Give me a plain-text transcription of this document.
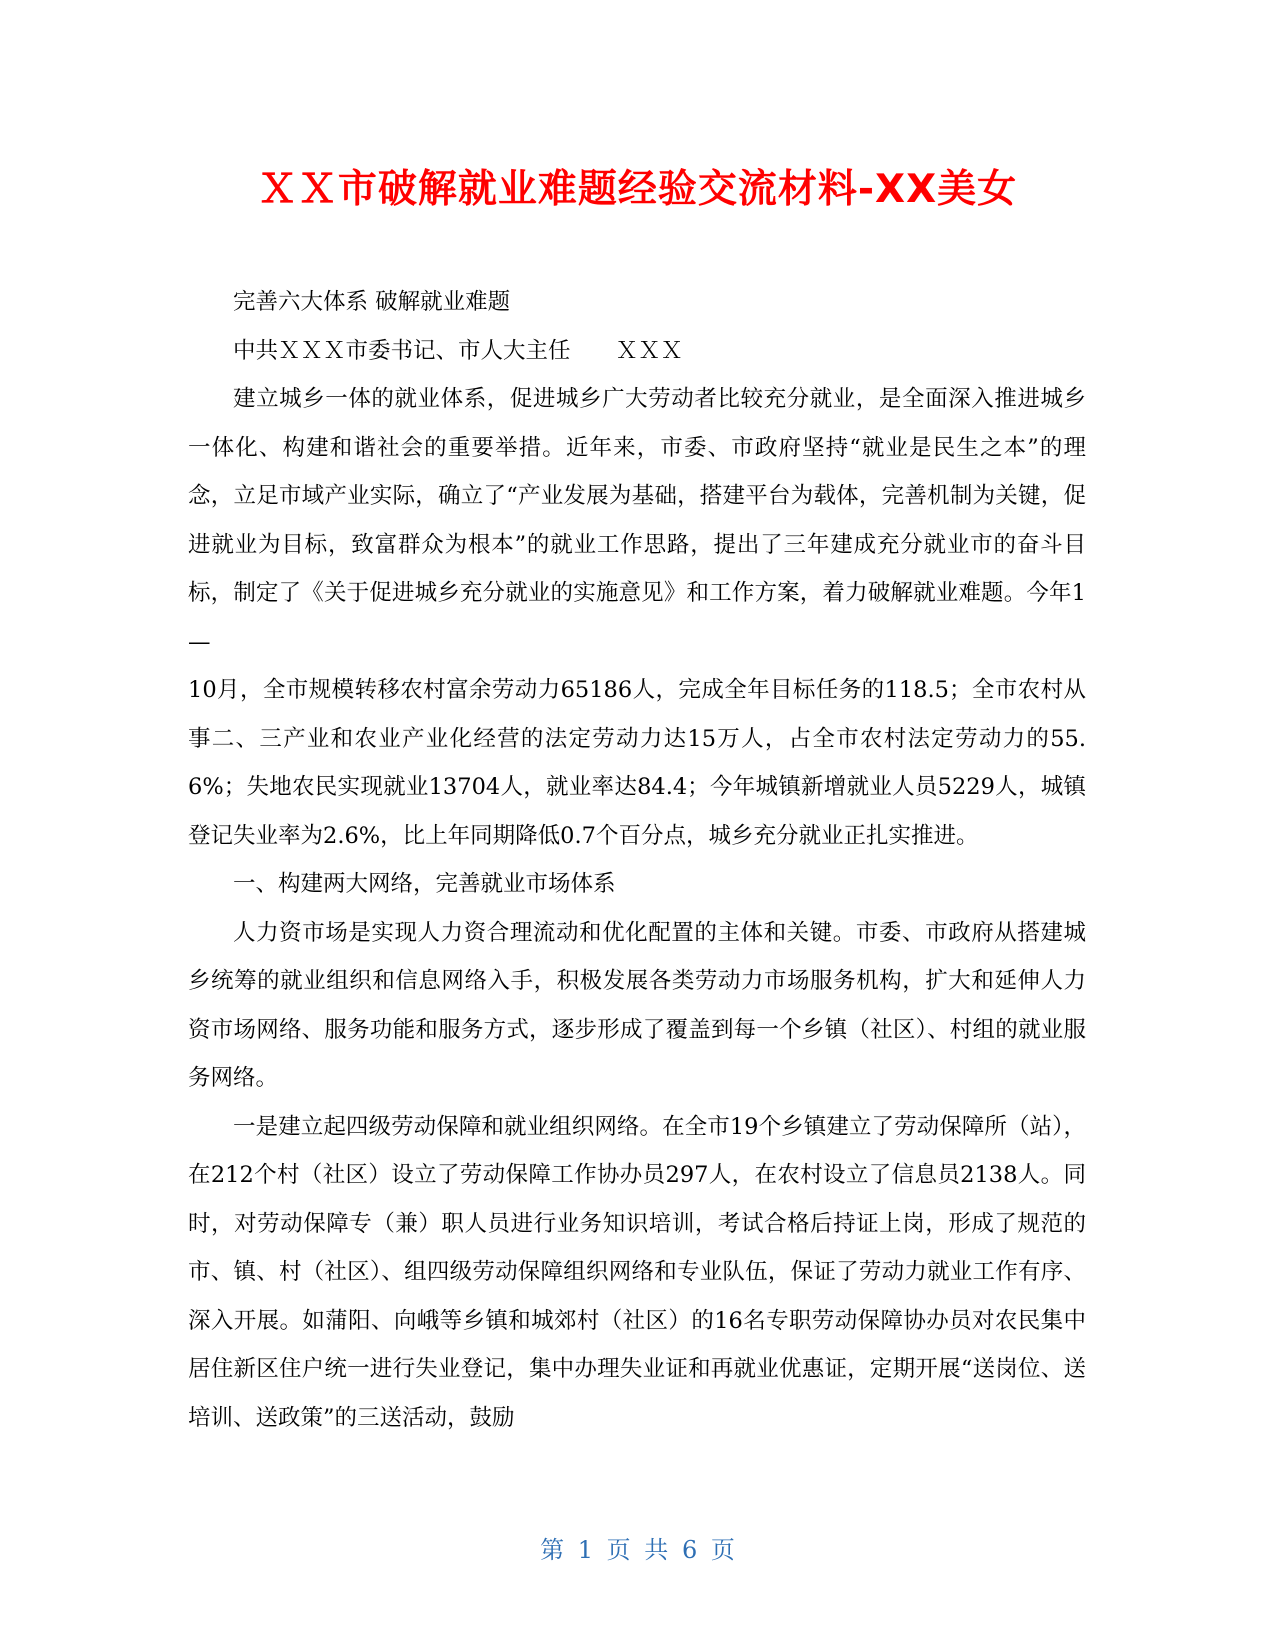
ＸＸ市破解就业难题经验交流材料-XX美女

完善六大体系 破解就业难题

中共ＸＸＸ市委书记、市人大主任　　ＸＸＸ

建立城乡一体的就业体系，促进城乡广大劳动者比较充分就业，是全面深入推进城乡一体化、构建和谐社会的重要举措。近年来，市委、市政府坚持“就业是民生之本”的理念，立足市域产业实际，确立了“产业发展为基础，搭建平台为载体，完善机制为关键，促进就业为目标，致富群众为根本”的就业工作思路，提出了三年建成充分就业市的奋斗目标，制定了《关于促进城乡充分就业的实施意见》和工作方案，着力破解就业难题。今年1—

10月，全市规模转移农村富余劳动力65186人，完成全年目标任务的118.5；全市农村从事二、三产业和农业产业化经营的法定劳动力达15万人，占全市农村法定劳动力的55.6%；失地农民实现就业13704人，就业率达84.4；今年城镇新增就业人员5229人，城镇登记失业率为2.6%，比上年同期降低0.7个百分点，城乡充分就业正扎实推进。

一、构建两大网络，完善就业市场体系

人力资市场是实现人力资合理流动和优化配置的主体和关键。市委、市政府从搭建城乡统筹的就业组织和信息网络入手，积极发展各类劳动力市场服务机构，扩大和延伸人力资市场网络、服务功能和服务方式，逐步形成了覆盖到每一个乡镇（社区）、村组的就业服务网络。

一是建立起四级劳动保障和就业组织网络。在全市19个乡镇建立了劳动保障所（站），在212个村（社区）设立了劳动保障工作协办员297人，在农村设立了信息员2138人。同时，对劳动保障专（兼）职人员进行业务知识培训，考试合格后持证上岗，形成了规范的市、镇、村（社区）、组四级劳动保障组织网络和专业队伍，保证了劳动力就业工作有序、深入开展。如蒲阳、向峨等乡镇和城郊村（社区）的16名专职劳动保障协办员对农民集中居住新区住户统一进行失业登记，集中办理失业证和再就业优惠证，定期开展“送岗位、送培训、送政策”的三送活动，鼓励

第 1 页 共 6 页
